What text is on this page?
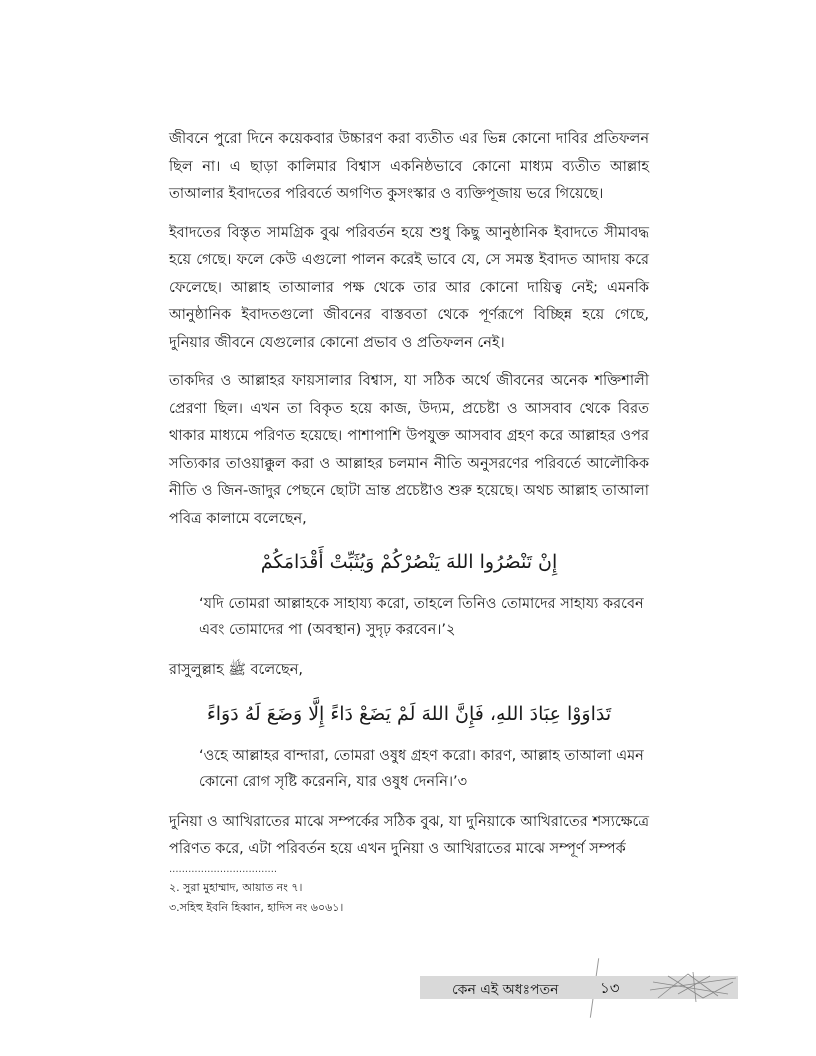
জীবনে পুরো দিনে কয়েকবার উচ্চারণ করা ব্যতীত এর ভিন্ন কোনো দাবির প্রতিফলন ছিল না। এ ছাড়া কালিমার বিশ্বাস একনিষ্ঠভাবে কোনো মাধ্যম ব্যতীত আল্লাহ তাআলার ইবাদতের পরিবর্তে অগণিত কুসংস্কার ও ব্যক্তিপূজায় ভরে গিয়েছে।

ইবাদতের বিস্তৃত সামগ্রিক বুঝ পরিবর্তন হয়ে শুধু কিছু আনুষ্ঠানিক ইবাদতে সীমাবদ্ধ হয়ে গেছে। ফলে কেউ এগুলো পালন করেই ভাবে যে, সে সমস্ত ইবাদত আদায় করে ফেলেছে। আল্লাহ তাআলার পক্ষ থেকে তার আর কোনো দায়িত্ব নেই; এমনকি আনুষ্ঠানিক ইবাদতগুলো জীবনের বাস্তবতা থেকে পূর্ণরূপে বিচ্ছিন্ন হয়ে গেছে, দুনিয়ার জীবনে যেগুলোর কোনো প্রভাব ও প্রতিফলন নেই।

তাকদির ও আল্লাহর ফায়সালার বিশ্বাস, যা সঠিক অর্থে জীবনের অনেক শক্তিশালী প্রেরণা ছিল। এখন তা বিকৃত হয়ে কাজ, উদ্যম, প্রচেষ্টা ও আসবাব থেকে বিরত থাকার মাধ্যমে পরিণত হয়েছে। পাশাপাশি উপযুক্ত আসবাব গ্রহণ করে আল্লাহর ওপর সত্যিকার তাওয়াক্কুল করা ও আল্লাহর চলমান নীতি অনুসরণের পরিবর্তে আলৌকিক নীতি ও জিন-জাদুর পেছনে ছোটা ভ্রান্ত প্রচেষ্টাও শুরু হয়েছে। অথচ আল্লাহ তাআলা পবিত্র কালামে বলেছেন,

إِنْ تَنْصُرُوا اللهَ يَنْصُرْكُمْ وَيُثَبِّتْ أَقْدَامَكُمْ

‘যদি তোমরা আল্লাহকে সাহায্য করো, তাহলে তিনিও তোমাদের সাহায্য করবেন এবং তোমাদের পা (অবস্থান) সুদৃঢ় করবেন।’২

রাসুলুল্লাহ ﷺ বলেছেন,

تَدَاوَوْا عِبَادَ اللهِ، فَإِنَّ اللهَ لَمْ يَضَعْ دَاءً إِلَّا وَضَعَ لَهُ دَوَاءً

‘ওহে আল্লাহর বান্দারা, তোমরা ওষুধ গ্রহণ করো। কারণ, আল্লাহ তাআলা এমন কোনো রোগ সৃষ্টি করেননি, যার ওষুধ দেননি।’৩

দুনিয়া ও আখিরাতের মাঝে সম্পর্কের সঠিক বুঝ, যা দুনিয়াকে আখিরাতের শস্যক্ষেত্রে পরিণত করে, এটা পরিবর্তন হয়ে এখন দুনিয়া ও আখিরাতের মাঝে সম্পূর্ণ সম্পর্ক

..................................
২. সুরা মুহাম্মাদ, আয়াত নং ৭।
৩.সহিহু ইবনি হিব্বান, হাদিস নং ৬০৬১।
কেন এই অধঃপতন	১৩
